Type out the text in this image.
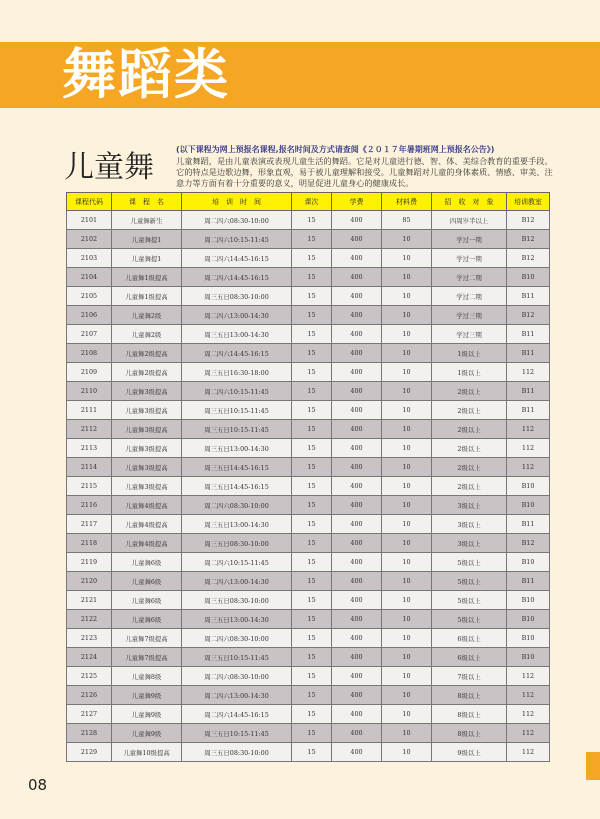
舞蹈类
儿童舞
(以下课程为网上预报名课程,报名时间及方式请查阅《２０１７年暑期班网上预报名公告》)
儿童舞蹈，是由儿童表演或表现儿童生活的舞蹈。它是对儿童进行德、智、体、美综合教育的重要手段。它的特点是边歌边舞，形象直观，易于被儿童理解和接受。儿童舞蹈对儿童的身体素质、情感、审美、注意力等方面有着十分重要的意义，明显促进儿童身心的健康成长。
课程代码	课　程　名	培　训　时　间	课次	学费	材料费	招　收　对　象	培训教室
2101	儿童舞新生	周二四六08:30-10:00	15	400	85	四周岁半以上	B12
2102	儿童舞提1	周二四六10:15-11:45	15	400	10	学过一期	B12
2103	儿童舞提1	周二四六14:45-16:15	15	400	10	学过一期	B12
2104	儿童舞1级提高	周二四六14:45-16:15	15	400	10	学过二期	B10
2105	儿童舞1级提高	周三五日08:30-10:00	15	400	10	学过二期	B11
2106	儿童舞2级	周二四六13:00-14:30	15	400	10	学过三期	B12
2107	儿童舞2级	周三五日13:00-14:30	15	400	10	学过三期	B11
2108	儿童舞2级提高	周二四六14:45-16:15	15	400	10	1级以上	B11
2109	儿童舞2级提高	周三五日16:30-18:00	15	400	10	1级以上	112
2110	儿童舞3级提高	周二四六10:15-11:45	15	400	10	2级以上	B11
2111	儿童舞3级提高	周三五日10:15-11:45	15	400	10	2级以上	B11
2112	儿童舞3级提高	周三五日10:15-11:45	15	400	10	2级以上	112
2113	儿童舞3级提高	周三五日13:00-14:30	15	400	10	2级以上	112
2114	儿童舞3级提高	周三五日14:45-16:15	15	400	10	2级以上	112
2115	儿童舞3级提高	周三五日14:45-16:15	15	400	10	2级以上	B10
2116	儿童舞4级提高	周二四六08:30-10:00	15	400	10	3级以上	B10
2117	儿童舞4级提高	周三五日13:00-14:30	15	400	10	3级以上	B11
2118	儿童舞4级提高	周三五日08:30-10:00	15	400	10	3级以上	B12
2119	儿童舞6级	周二四六10:15-11:45	15	400	10	5级以上	B10
2120	儿童舞6级	周二四六13:00-14:30	15	400	10	5级以上	B11
2121	儿童舞6级	周三五日08:30-10:00	15	400	10	5级以上	B10
2122	儿童舞6级	周三五日13:00-14:30	15	400	10	5级以上	B10
2123	儿童舞7级提高	周二四六08:30-10:00	15	400	10	6级以上	B10
2124	儿童舞7级提高	周三五日10:15-11:45	15	400	10	6级以上	B10
2125	儿童舞8级	周二四六08:30-10:00	15	400	10	7级以上	112
2126	儿童舞9级	周二四六13:00-14:30	15	400	10	8级以上	112
2127	儿童舞9级	周二四六14:45-16:15	15	400	10	8级以上	112
2128	儿童舞9级	周三五日10:15-11:45	15	400	10	8级以上	112
2129	儿童舞10级提高	周三五日08:30-10:00	15	400	10	9级以上	112
08
